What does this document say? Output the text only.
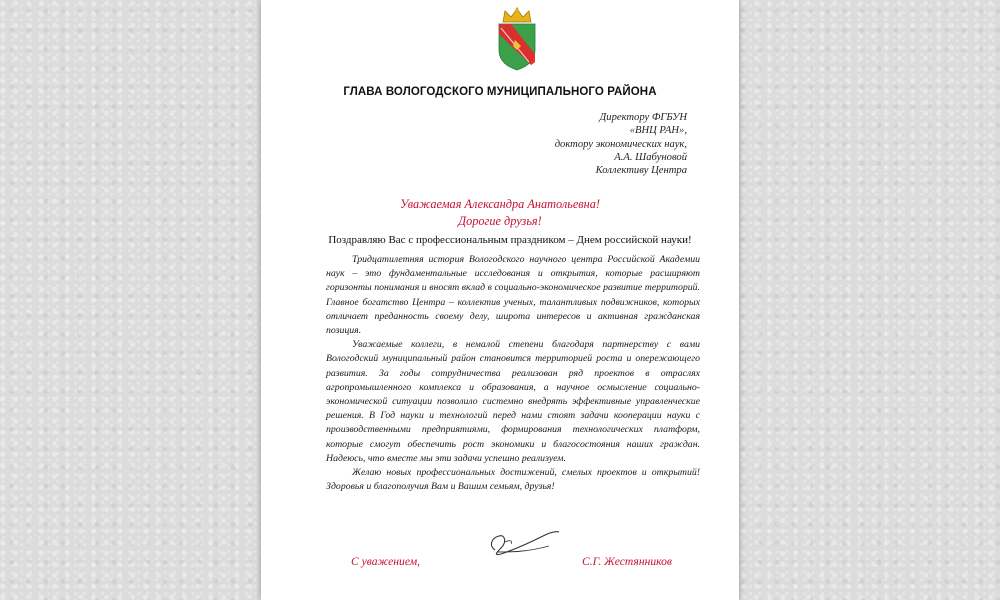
ГЛАВА ВОЛОГОДСКОГО МУНИЦИПАЛЬНОГО РАЙОНА
Директору ФГБУН
«ВНЦ РАН»,
доктору экономических наук,
А.А. Шабуновой
Коллективу Центра
Уважаемая Александра Анатольевна!
Дорогие друзья!
Поздравляю Вас с профессиональным праздником – Днем российской науки!

Тридцатилетняя история Вологодского научного центра Российской Академии наук – это фундаментальные исследования и открытия, которые расширяют горизонты понимания и вносят вклад в социально-экономическое развитие территорий. Главное богатство Центра – коллектив ученых, талантливых подвижников, которых отличает преданность своему делу, широта интересов и активная гражданская позиция.

Уважаемые коллеги, в немалой степени благодаря партнерству с вами Вологодский муниципальный район становится территорией роста и опережающего развития. За годы сотрудничества реализован ряд проектов в отраслях агропромышленного комплекса и образования, а научное осмысление социально-экономической ситуации позволило системно внедрять эффективные управленческие решения. В Год науки и технологий перед нами стоят задачи кооперации науки с производственными предприятиями, формирования технологических платформ, которые смогут обеспечить рост экономики и благосостояния наших граждан. Надеюсь, что вместе мы эти задачи успешно реализуем.

Желаю новых профессиональных достижений, смелых проектов и открытий! Здоровья и благополучия Вам и Вашим семьям, друзья!

С уважением,	С.Г. Жестянников
